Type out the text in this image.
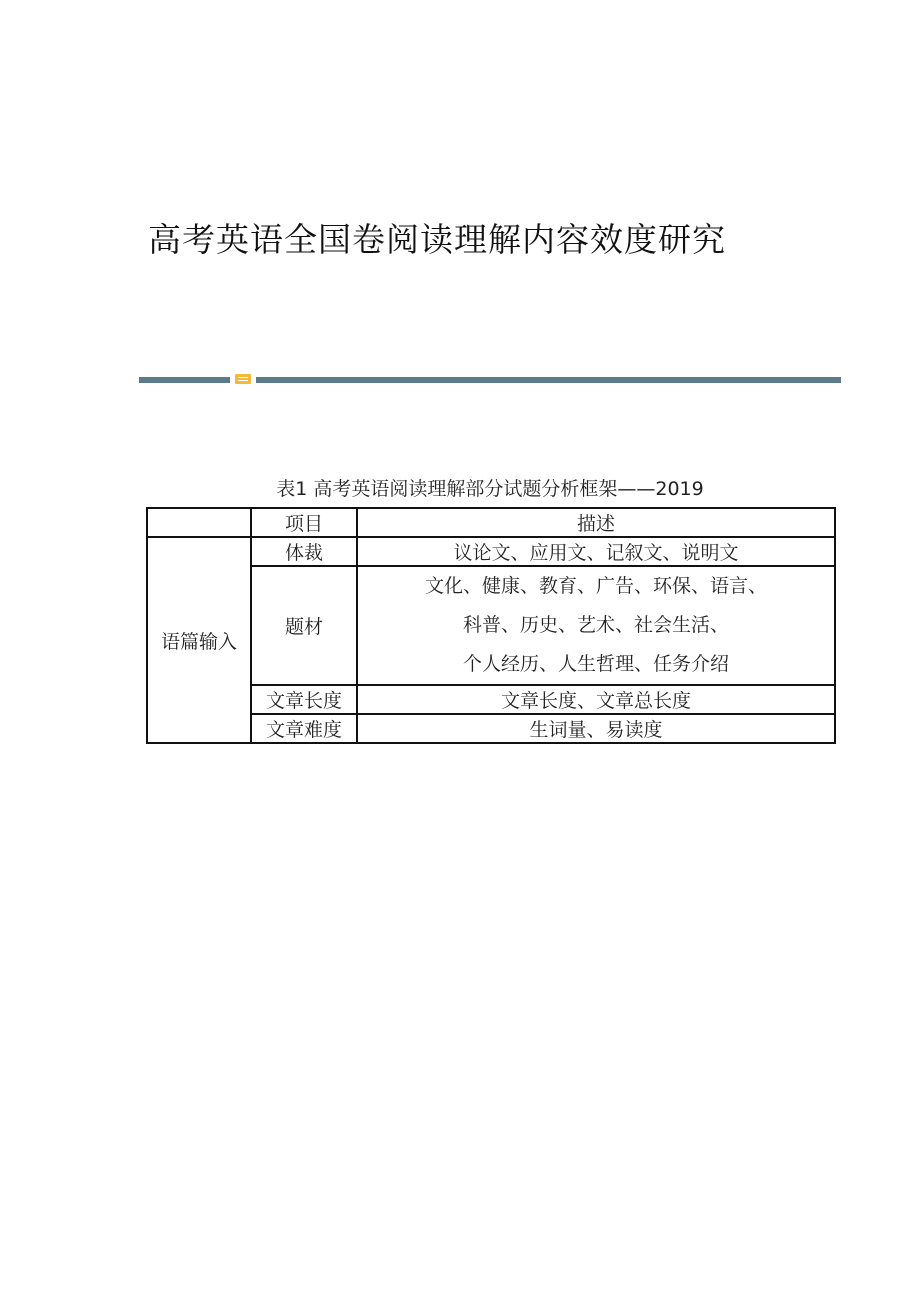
高考英语全国卷阅读理解内容效度研究
表1 高考英语阅读理解部分试题分析框架——2019
	项目	描述
语篇输入	体裁	议论文、应用文、记叙文、说明文
	题材	文化、健康、教育、广告、环保、语言、
科普、历史、艺术、社会生活、
个人经历、人生哲理、任务介绍

	文章长度	文章长度、文章总长度
	文章难度	生词量、易读度
